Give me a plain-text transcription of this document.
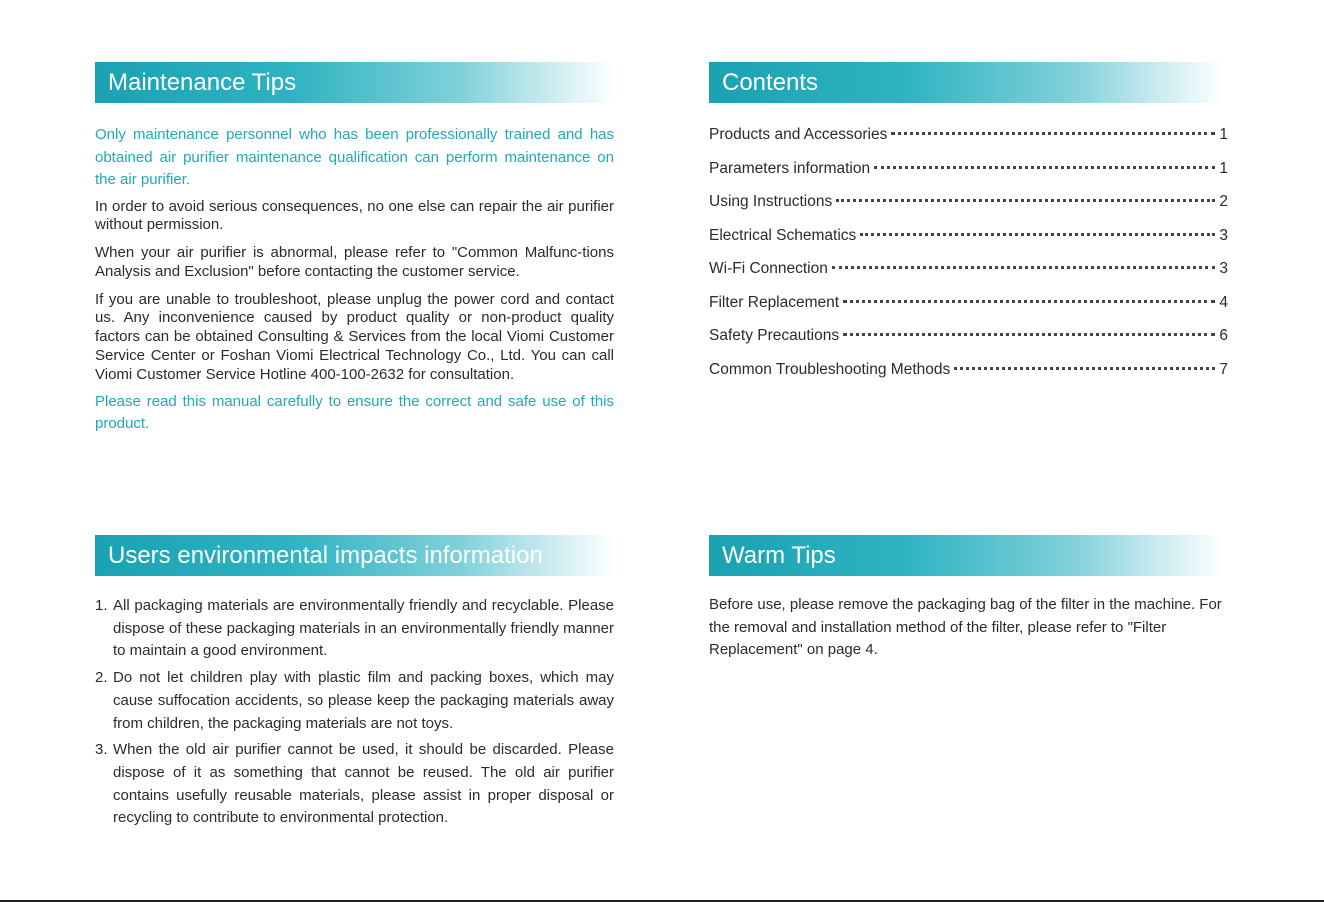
Maintenance Tips

Only maintenance personnel who has been professionally trained and has obtained air purifier maintenance qualification can perform maintenance on the air purifier.

In order to avoid serious consequences, no one else can repair the air purifier without permission.

When your air purifier is abnormal, please refer to "Common Malfunc-tions Analysis and Exclusion" before contacting the customer service.

If you are unable to troubleshoot, please unplug the power cord and contact us. Any inconvenience caused by product quality or non-product quality factors can be obtained Consulting & Services from the local Viomi Customer Service Center or Foshan Viomi Electrical Technology Co., Ltd. You can call Viomi Customer Service Hotline 400-100-2632 for consultation.

Please read this manual carefully to ensure the correct and safe use of this product.

Contents
Products and Accessories	1
Parameters information	1
Using Instructions	2
Electrical Schematics	3
Wi-Fi Connection	3
Filter Replacement	4
Safety Precautions	6
Common Troubleshooting Methods	7
Users environmental impacts information
1. All packaging materials are environmentally friendly and recyclable. Please dispose of these packaging materials in an environmentally friendly manner to maintain a good environment.
2. Do not let children play with plastic film and packing boxes, which may cause suffocation accidents, so please keep the packaging materials away from children, the packaging materials are not toys.
3. When the old air purifier cannot be used, it should be discarded. Please dispose of it as something that cannot be reused. The old air purifier contains usefully reusable materials, please assist in proper disposal or recycling to contribute to environmental protection.
Warm Tips

Before use, please remove the packaging bag of the filter in the machine. For the removal and installation method of the filter, please refer to "Filter Replacement" on page 4.
